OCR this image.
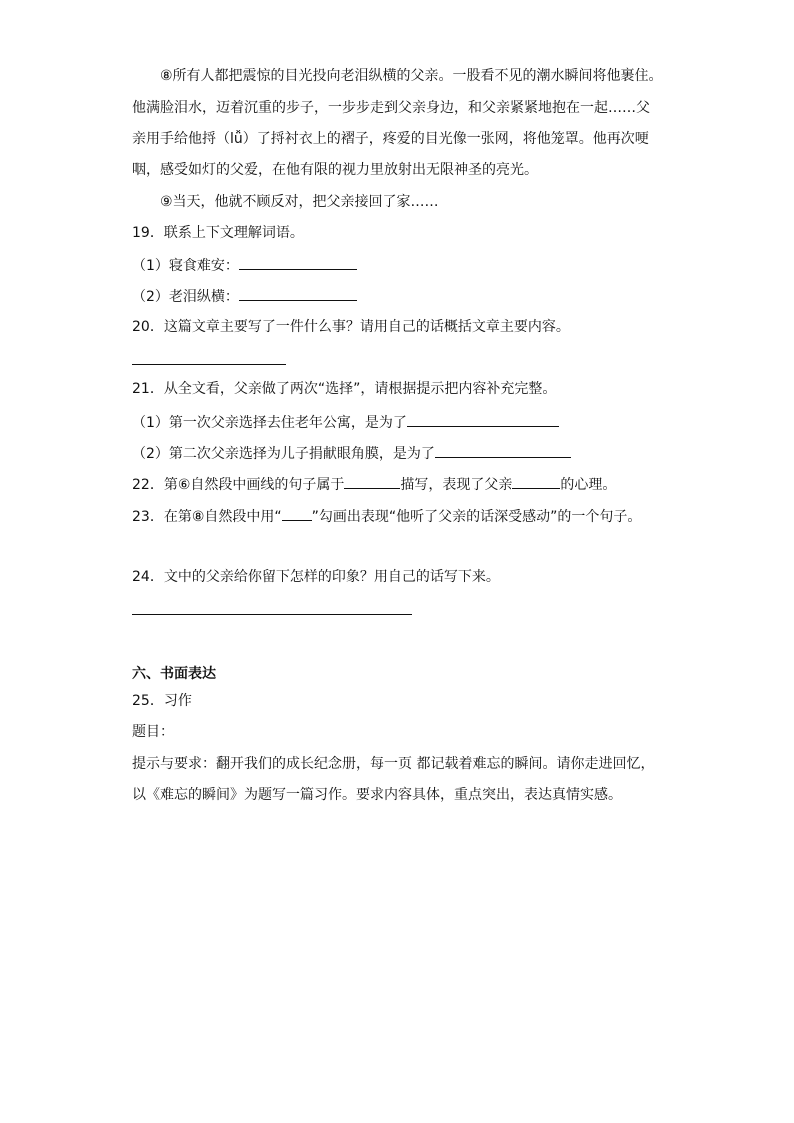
⑧所有人都把震惊的目光投向老泪纵横的父亲。一股看不见的潮水瞬间将他裹住。
他满脸泪水，迈着沉重的步子，一步步走到父亲身边，和父亲紧紧地抱在一起……父
亲用手给他捋（lǚ）了捋衬衣上的褶子，疼爱的目光像一张网，将他笼罩。他再次哽
咽，感受如灯的父爱，在他有限的视力里放射出无限神圣的亮光。
⑨当天，他就不顾反对，把父亲接回了家……
19．联系上下文理解词语。
（1）寝食难安：
（2）老泪纵横：
20．这篇文章主要写了一件什么事？请用自己的话概括文章主要内容。
21．从全文看，父亲做了两次“选择”，请根据提示把内容补充完整。
（1）第一次父亲选择去住老年公寓，是为了
（2）第二次父亲选择为儿子捐献眼角膜，是为了
22．第⑥自然段中画线的句子属于	描写，表现了父亲	的心理。
23．在第⑧自然段中用“ ”勾画出表现“他听了父亲的话深受感动”的一个句子。
24．文中的父亲给你留下怎样的印象？用自己的话写下来。
六、书面表达
25．习作
题目：
提示与要求：翻开我们的成长纪念册，每一页 都记载着难忘的瞬间。请你走进回忆，
以《难忘的瞬间》为题写一篇习作。要求内容具体，重点突出，表达真情实感。
